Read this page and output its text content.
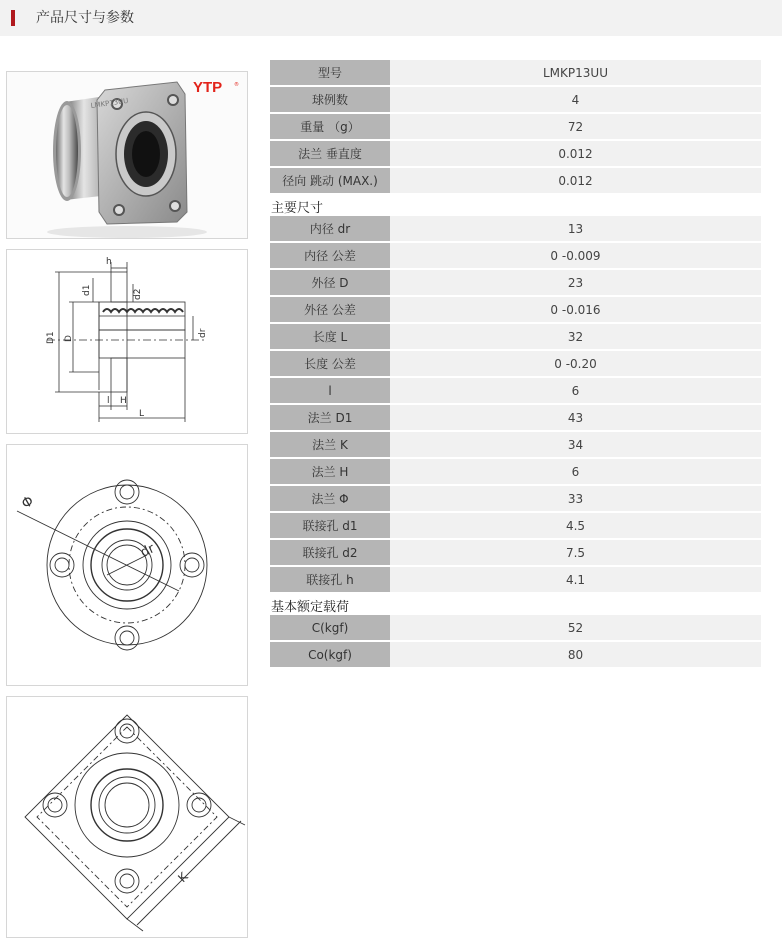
产品尺寸与参数
LMKP13UU
YTP ®
h
d1	d2
D1 D
dr
l H
L
Φ
dr
K
型号	LMKP13UU
球例数	4
重量 （g）	72
法兰 垂直度	0.012
径向 跳动 (MAX.)	0.012
主要尺寸
内径 dr	13
内径 公差	0 -0.009
外径 D	23
外径 公差	0 -0.016
长度 L	32
长度 公差	0 -0.20
l	6
法兰 D1	43
法兰 K	34
法兰 H	6
法兰 Φ	33
联接孔 d1	4.5
联接孔 d2	7.5
联接孔 h	4.1
基本额定载荷
C(kgf)	52
Co(kgf)	80
